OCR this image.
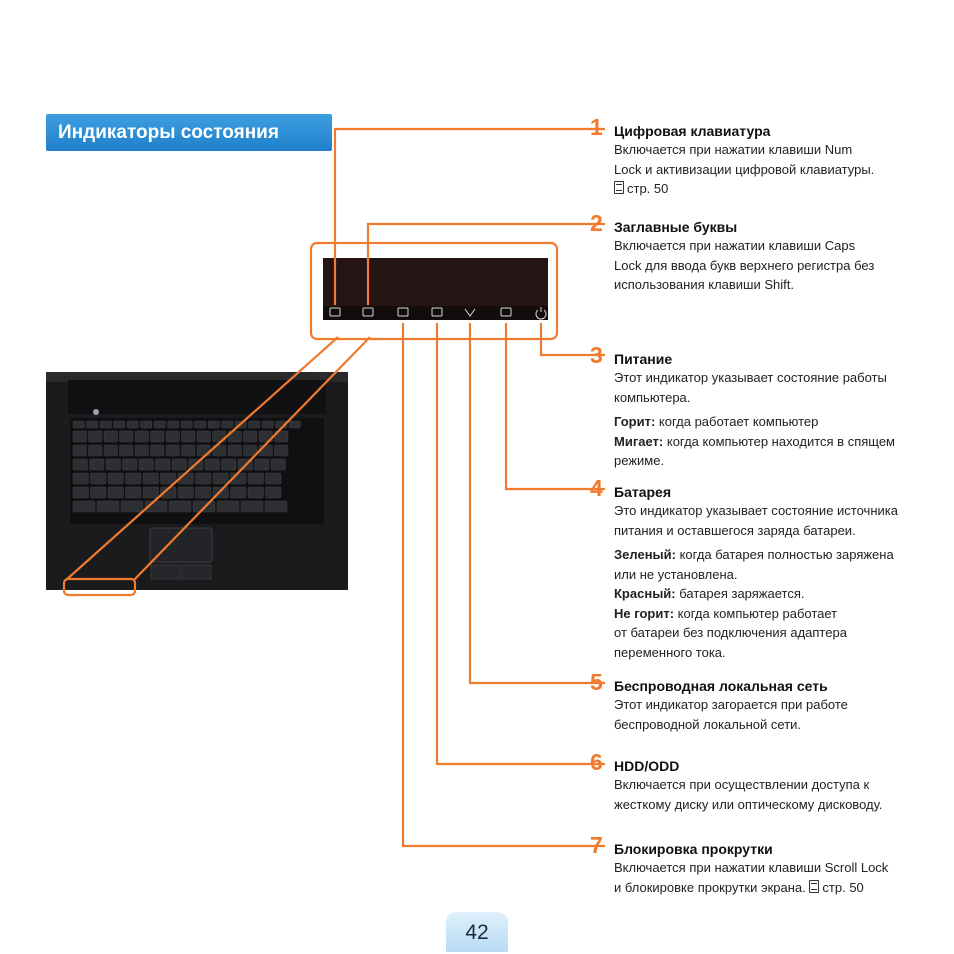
Индикаторы состояния	1 Цифровая клавиатура

Включается при нажатии клавиши Num

Lock и активизации цифровой клавиатуры.

стр. 50

2 Заглавные буквы

Включается при нажатии клавиши Caps

Lock для ввода букв верхнего регистра без

использования клавиши Shift.

3 Питание

Этот индикатор указывает состояние работы

компьютера.

Горит: когда работает компьютер

Мигает: когда компьютер находится в спящем

режиме.

4 Батарея

Это индикатор указывает состояние источника

питания и оставшегося заряда батареи.

Зеленый: когда батарея полностью заряжена

или не установлена.

Красный: батарея заряжается.

Не горит: когда компьютер работает

от батареи без подключения адаптера

переменного тока.

5 Беспроводная локальная сеть

Этот индикатор загорается при работе

беспроводной локальной сети.

6 HDD/ODD

Включается при осуществлении доступа к

жесткому диску или оптическому дисководу.

7 Блокировка прокрутки

Включается при нажатии клавиши Scroll Lock

и блокировке прокрутки экрана. стр. 50

42
